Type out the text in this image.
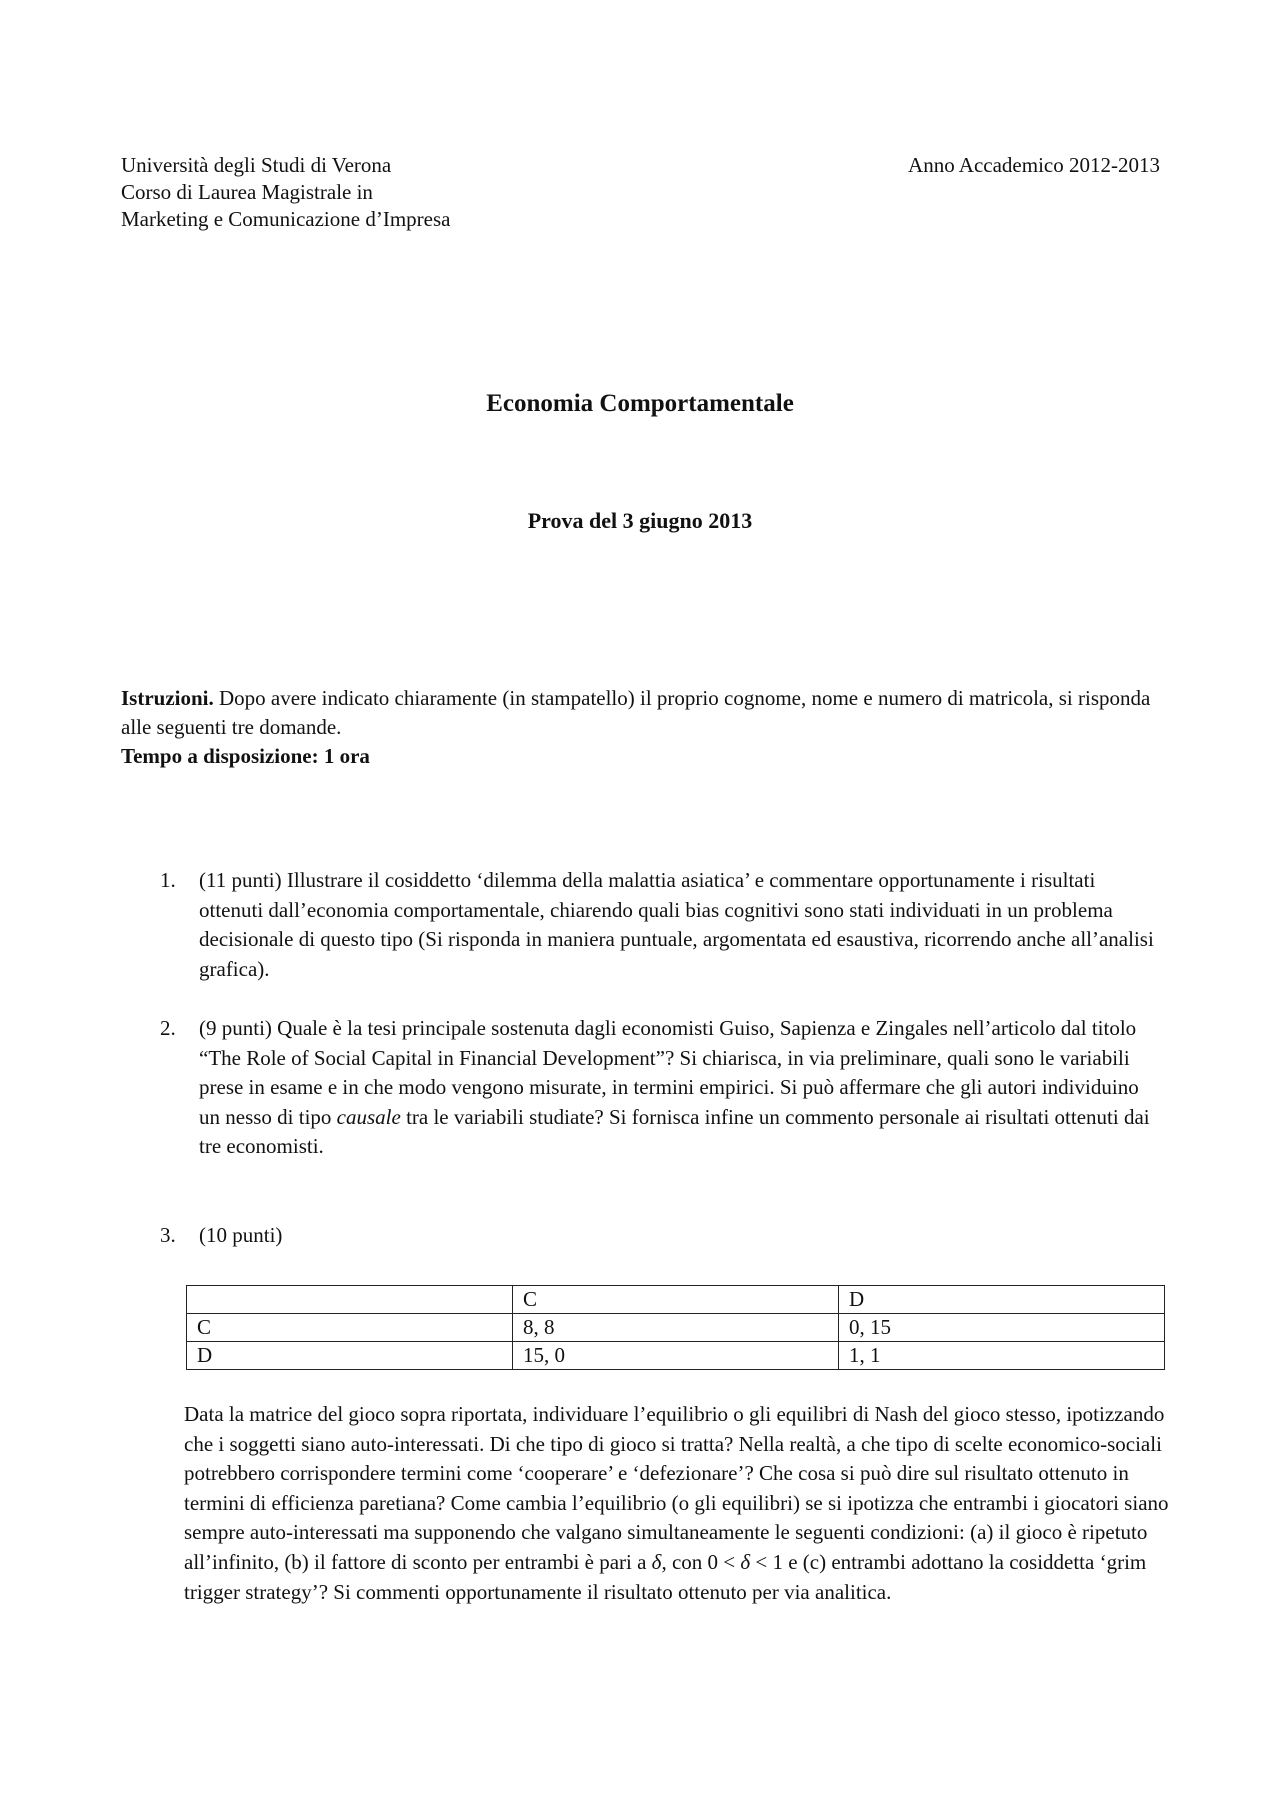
Università degli Studi di Verona
Corso di Laurea Magistrale in
Marketing e Comunicazione d’Impresa
Anno Accademico 2012-2013
Economia Comportamentale
Prova del 3 giugno 2013
Istruzioni. Dopo avere indicato chiaramente (in stampatello) il proprio cognome, nome e numero di matricola, si risponda alle seguenti tre domande.
Tempo a disposizione: 1 ora
1. (11 punti) Illustrare il cosiddetto ‘dilemma della malattia asiatica’ e commentare opportunamente i risultati ottenuti dall’economia comportamentale, chiarendo quali bias cognitivi sono stati individuati in un problema decisionale di questo tipo (Si risponda in maniera puntuale, argomentata ed esaustiva, ricorrendo anche all’analisi grafica).
2. (9 punti) Quale è la tesi principale sostenuta dagli economisti Guiso, Sapienza e Zingales nell’articolo dal titolo “The Role of Social Capital in Financial Development”? Si chiarisca, in via preliminare, quali sono le variabili prese in esame e in che modo vengono misurate, in termini empirici. Si può affermare che gli autori individuino un nesso di tipo causale tra le variabili studiate? Si fornisca infine un commento personale ai risultati ottenuti dai tre economisti.
3. (10 punti)
	C	D
C	8, 8	0, 15
D	15, 0	1, 1
Data la matrice del gioco sopra riportata, individuare l’equilibrio o gli equilibri di Nash del gioco stesso, ipotizzando che i soggetti siano auto-interessati. Di che tipo di gioco si tratta? Nella realtà, a che tipo di scelte economico-sociali potrebbero corrispondere termini come ‘cooperare’ e ‘defezionare’? Che cosa si può dire sul risultato ottenuto in termini di efficienza paretiana? Come cambia l’equilibrio (o gli equilibri) se si ipotizza che entrambi i giocatori siano sempre auto-interessati ma supponendo che valgano simultaneamente le seguenti condizioni: (a) il gioco è ripetuto all’infinito, (b) il fattore di sconto per entrambi è pari a δ, con 0 < δ < 1 e (c) entrambi adottano la cosiddetta ‘grim trigger strategy’? Si commenti opportunamente il risultato ottenuto per via analitica.
